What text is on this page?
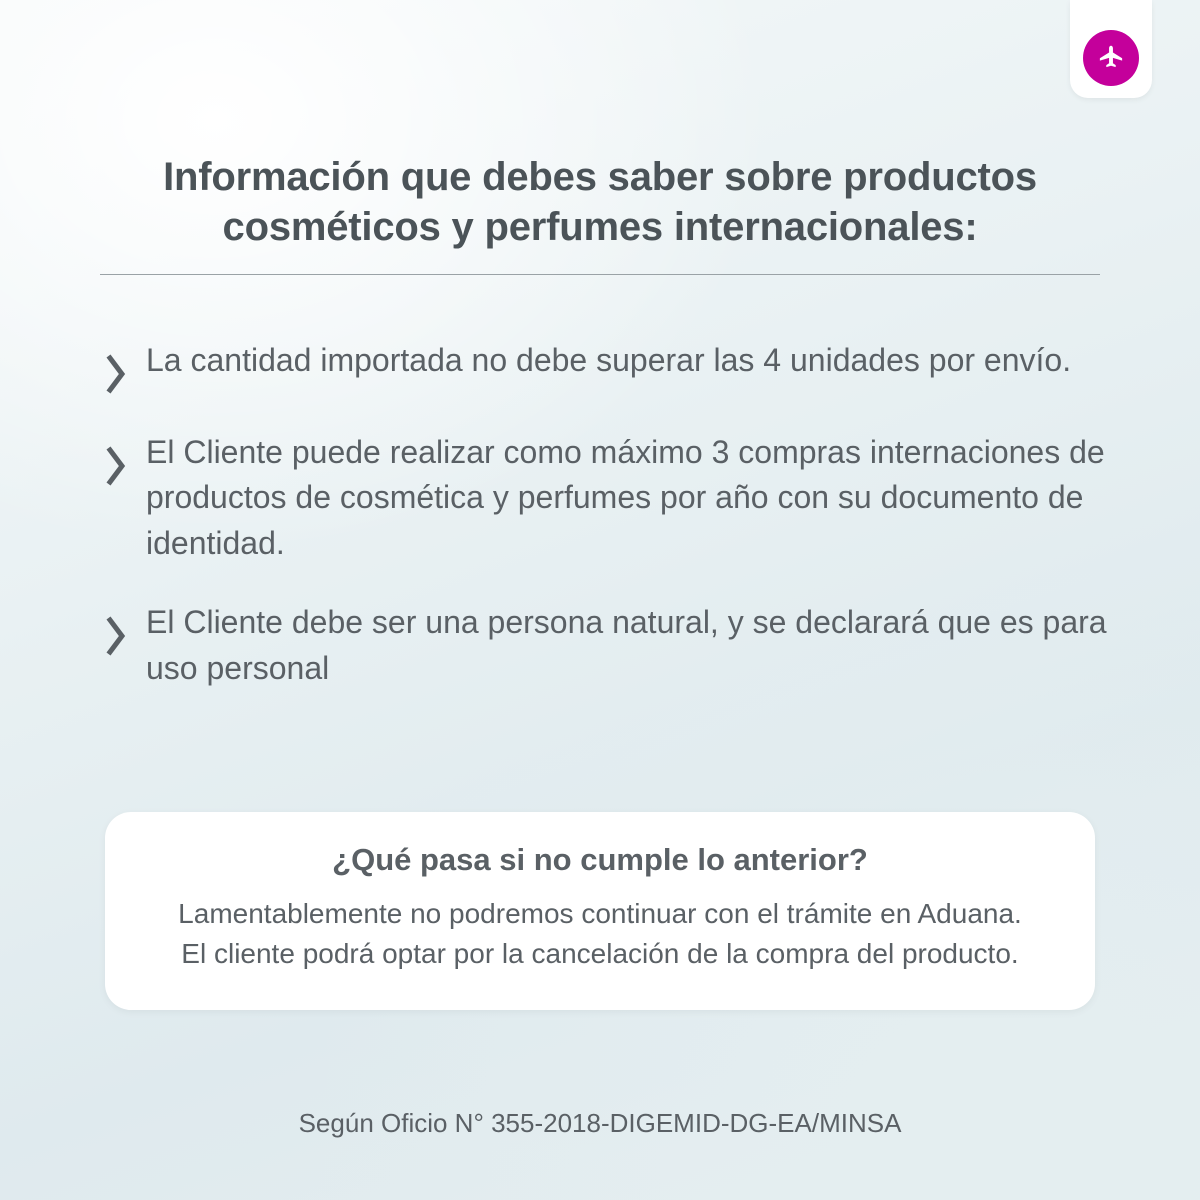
Información que debes saber sobre productos cosméticos y perfumes internacionales:
La cantidad importada no debe superar las 4 unidades por envío.
El Cliente puede realizar como máximo 3 compras internaciones de productos de cosmética y perfumes por año con su documento de identidad.
El Cliente debe ser una persona natural, y se declarará que es para uso personal

¿Qué pasa si no cumple lo anterior?

Lamentablemente no podremos continuar con el trámite en Aduana. El cliente podrá optar por la cancelación de la compra del producto.

Según Oficio N° 355-2018-DIGEMID-DG-EA/MINSA
